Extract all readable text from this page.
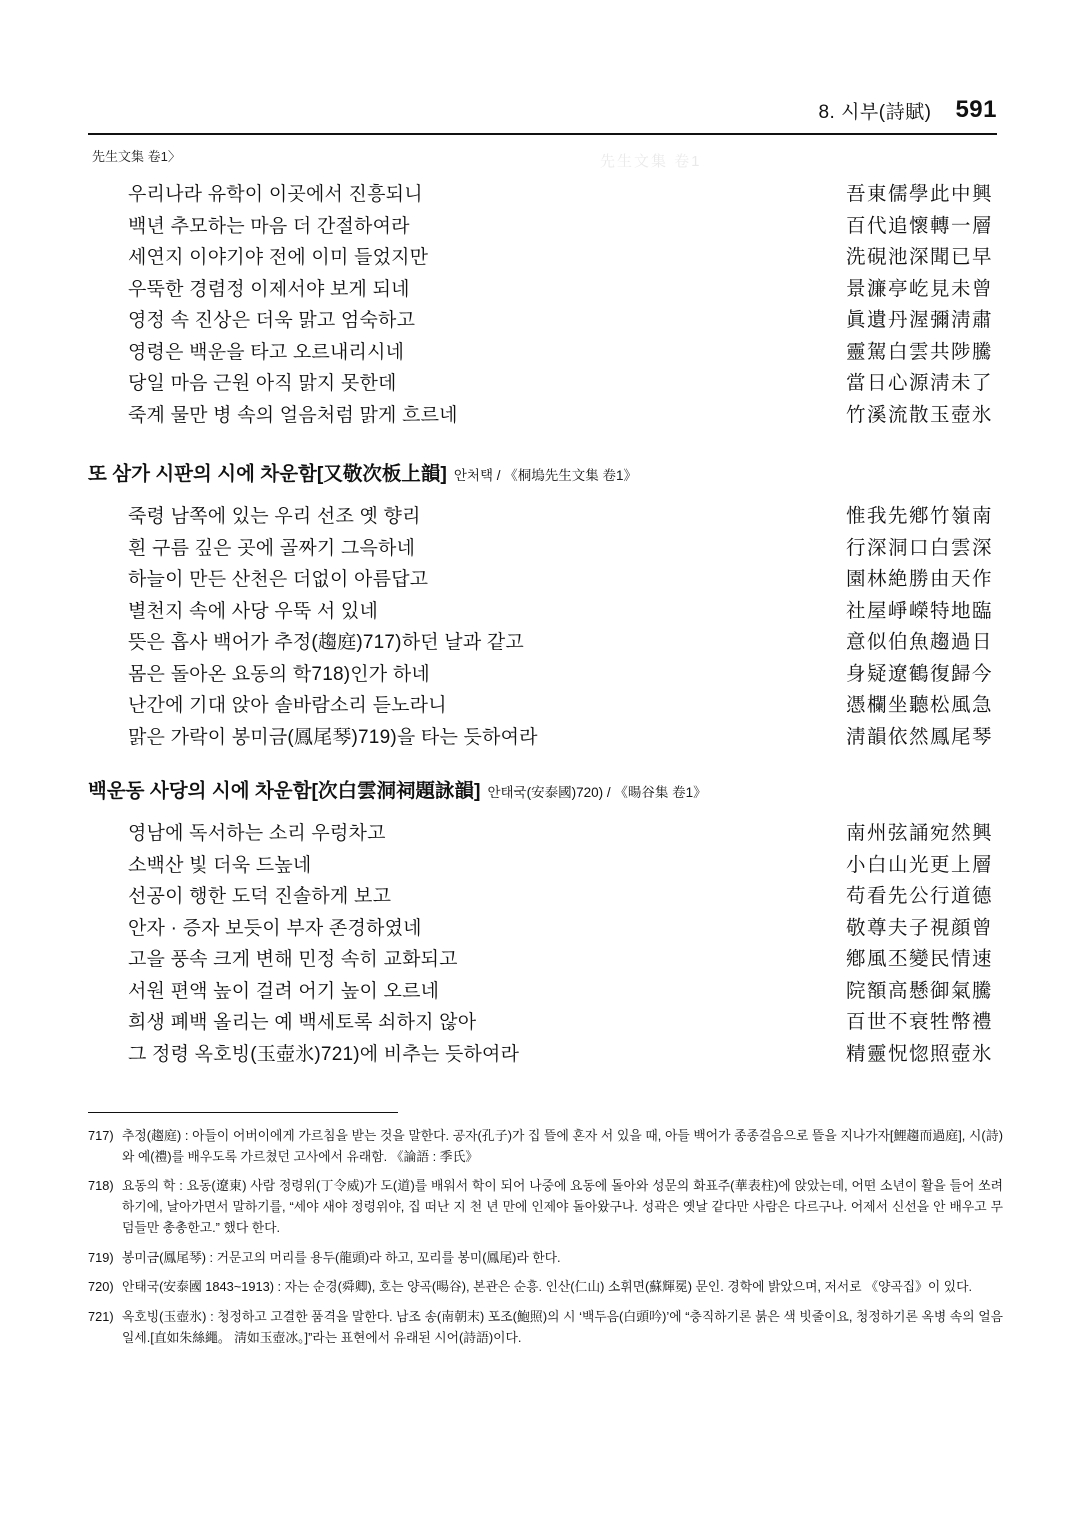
8. 시부(詩賦) 591
先生文集 卷1〉	先生文集 卷1
우리나라 유학이 이곳에서 진흥되니	吾東儒學此中興
백년 추모하는 마음 더 간절하여라	百代追懷轉一層
세연지 이야기야 전에 이미 들었지만	洗硯池深聞已早
우뚝한 경렴정 이제서야 보게 되네	景濂亭屹見未曾
영정 속 진상은 더욱 맑고 엄숙하고	眞遺丹渥彌淸肅
영령은 백운을 타고 오르내리시네	靈駕白雲共陟騰
당일 마음 근원 아직 맑지 못한데	當日心源淸未了
죽계 물만 병 속의 얼음처럼 맑게 흐르네	竹溪流散玉壺氷
또 삼가 시판의 시에 차운함 [又敬次板上韻] 안처택 / 《桐塢先生文集 卷1》
죽령 남쪽에 있는 우리 선조 옛 향리	惟我先鄕竹嶺南
흰 구름 깊은 곳에 골짜기 그윽하네	行深洞口白雲深
하늘이 만든 산천은 더없이 아름답고	園林絶勝由天作
별천지 속에 사당 우뚝 서 있네	社屋崢嶸特地臨
뜻은 흡사 백어가 추정(趨庭)717)하던 날과 같고	意似伯魚趨過日
몸은 돌아온 요동의 학718)인가 하네	身疑遼鶴復歸今
난간에 기대 앉아 솔바람소리 듣노라니	憑欄坐聽松風急
맑은 가락이 봉미금(鳳尾琴)719)을 타는 듯하여라	淸韻依然鳳尾琴
백운동 사당의 시에 차운함 [次白雲洞祠題詠韻] 안태국(安泰國)720) / 《暘谷集 卷1》
영남에 독서하는 소리 우렁차고	南州弦誦宛然興
소백산 빛 더욱 드높네	小白山光更上層
선공이 행한 도덕 진솔하게 보고	苟看先公行道德
안자 · 증자 보듯이 부자 존경하였네	敬尊夫子視顔曾
고을 풍속 크게 변해 민정 속히 교화되고	鄕風丕變民情速
서원 편액 높이 걸려 어기 높이 오르네	院額高懸御氣騰
희생 폐백 올리는 예 백세토록 쇠하지 않아	百世不衰牲幣禮
그 정령 옥호빙(玉壺氷)721)에 비추는 듯하여라	精靈怳惚照壺氷
717) 추정(趨庭) : 아들이 어버이에게 가르침을 받는 것을 말한다. 공자(孔子)가 집 뜰에 혼자 서 있을 때, 아들 백어가 종종걸음으로 뜰을 지나가자[鯉趨而過庭], 시(詩)와 예(禮)를 배우도록 가르쳤던 고사에서 유래함. 《論語 : 季氏》
718) 요동의 학 : 요동(遼東) 사람 정령위(丁令威)가 도(道)를 배워서 학이 되어 나중에 요동에 돌아와 성문의 화표주(華表柱)에 앉았는데, 어떤 소년이 활을 들어 쏘려 하기에, 날아가면서 말하기를, “세야 새야 정령위야, 집 떠난 지 천 년 만에 인제야 돌아왔구나. 성곽은 옛날 같다만 사람은 다르구나. 어제서 신선을 안 배우고 무덤들만 총총한고.” 했다 한다.
719) 봉미금(鳳尾琴) : 거문고의 머리를 용두(龍頭)라 하고, 꼬리를 봉미(鳳尾)라 한다.
720) 안태국(安泰國 1843~1913) : 자는 순경(舜卿), 호는 양곡(暘谷), 본관은 순흥. 인산(仁山) 소휘면(蘇輝冕) 문인. 경학에 밝았으며, 저서로 《양곡집》이 있다.
721) 옥호빙(玉壺氷) : 청정하고 고결한 품격을 말한다. 남조 송(南朝末) 포조(鮑照)의 시 ‘백두음(白頭吟)’에 “충직하기론 붉은 색 빗줄이요, 청정하기론 옥병 속의 얼음일세.[直如朱絲繩。 淸如玉壺冰。]”라는 표현에서 유래된 시어(詩語)이다.
